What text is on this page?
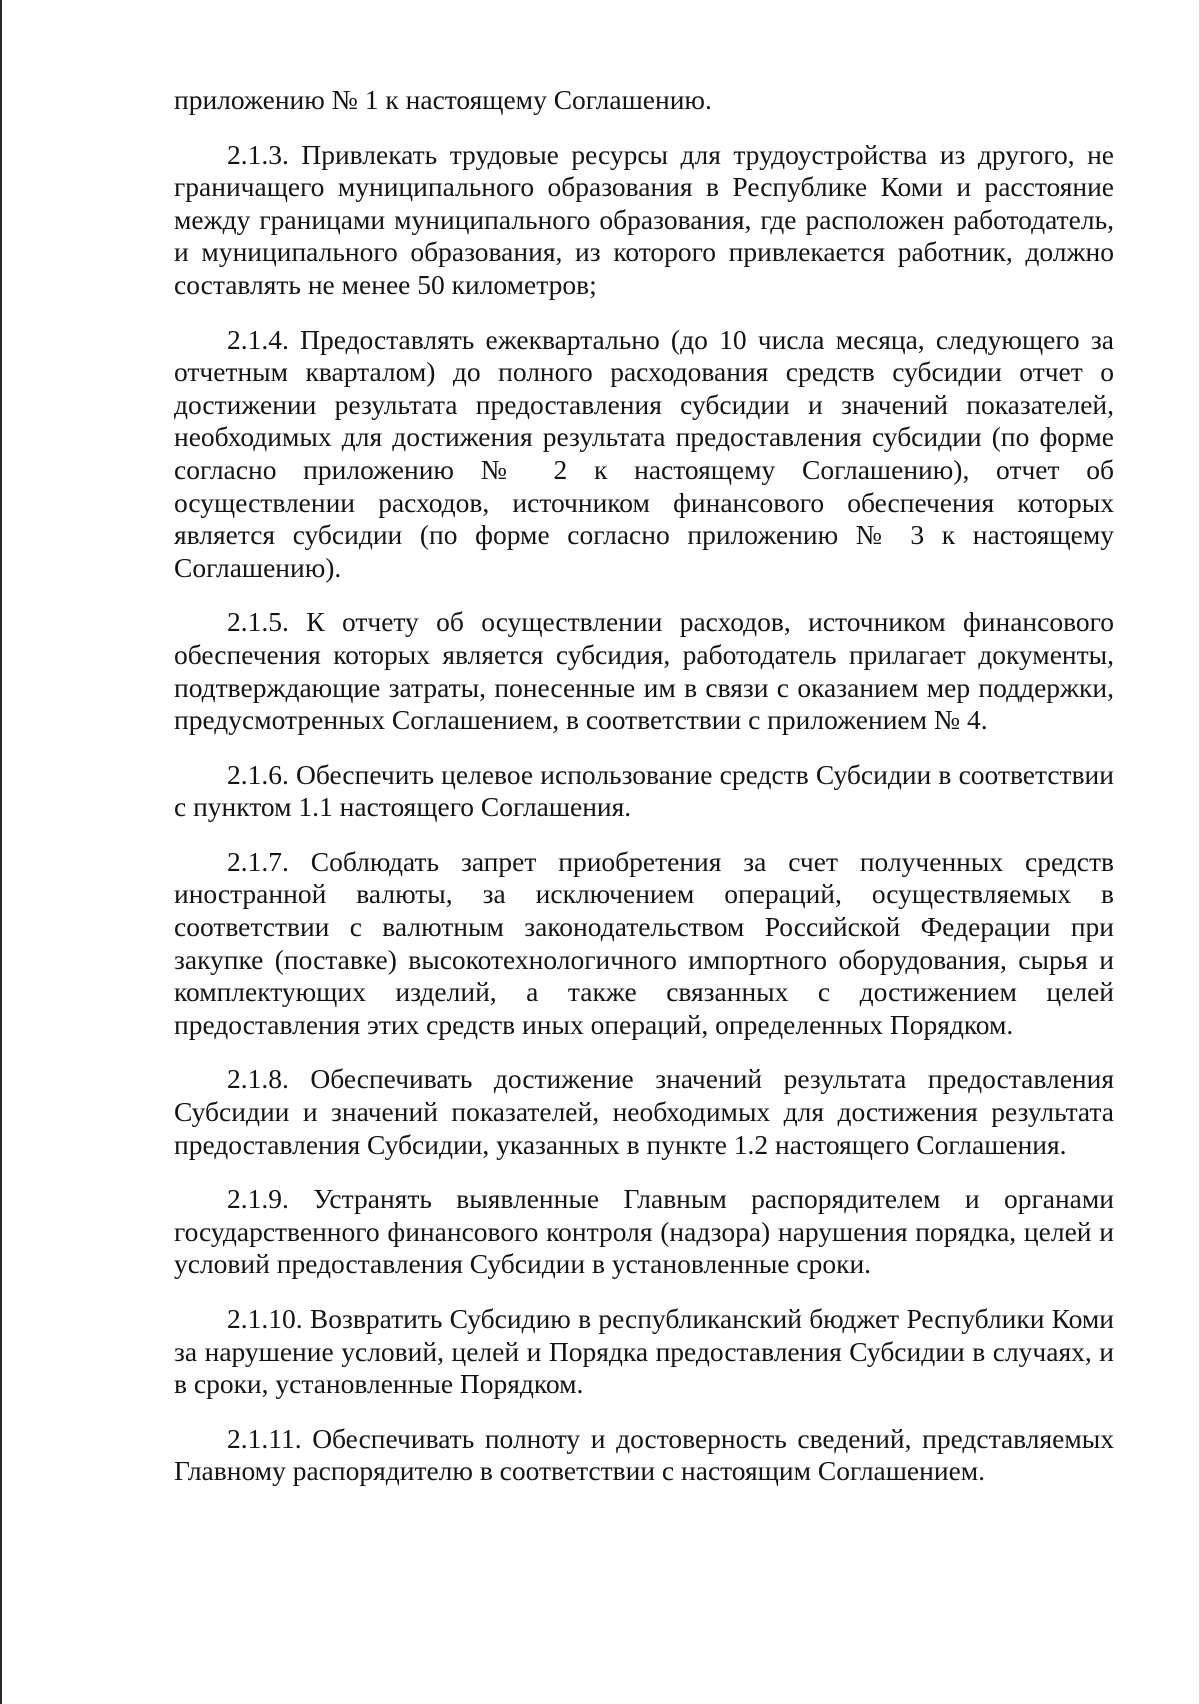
приложению № 1 к настоящему Соглашению.

2.1.3. Привлекать трудовые ресурсы для трудоустройства из другого, не граничащего муниципального образования в Республике Коми и расстояние между границами муниципального образования, где расположен работодатель, и муниципального образования, из которого привлекается работник, должно составлять не менее 50 километров;

2.1.4. Предоставлять ежеквартально (до 10 числа месяца, следующего за отчетным кварталом) до полного расходования средств субсидии отчет о достижении результата предоставления субсидии и значений показателей, необходимых для достижения результата предоставления субсидии (по форме согласно приложению № 2 к настоящему Соглашению), отчет об осуществлении расходов, источником финансового обеспечения которых является субсидии (по форме согласно приложению № 3 к настоящему Соглашению).

2.1.5. К отчету об осуществлении расходов, источником финансового обеспечения которых является субсидия, работодатель прилагает документы, подтверждающие затраты, понесенные им в связи с оказанием мер поддержки, предусмотренных Соглашением, в соответствии с приложением № 4.

2.1.6. Обеспечить целевое использование средств Субсидии в соответствии с пунктом 1.1 настоящего Соглашения.

2.1.7. Соблюдать запрет приобретения за счет полученных средств иностранной валюты, за исключением операций, осуществляемых в соответствии с валютным законодательством Российской Федерации при закупке (поставке) высокотехнологичного импортного оборудования, сырья и комплектующих изделий, а также связанных с достижением целей предоставления этих средств иных операций, определенных Порядком.

2.1.8. Обеспечивать достижение значений результата предоставления Субсидии и значений показателей, необходимых для достижения результата предоставления Субсидии, указанных в пункте 1.2 настоящего Соглашения.

2.1.9. Устранять выявленные Главным распорядителем и органами государственного финансового контроля (надзора) нарушения порядка, целей и условий предоставления Субсидии в установленные сроки.

2.1.10. Возвратить Субсидию в республиканский бюджет Республики Коми за нарушение условий, целей и Порядка предоставления Субсидии в случаях, и в сроки, установленные Порядком.

2.1.11. Обеспечивать полноту и достоверность сведений, представляемых Главному распорядителю в соответствии с настоящим Соглашением.
